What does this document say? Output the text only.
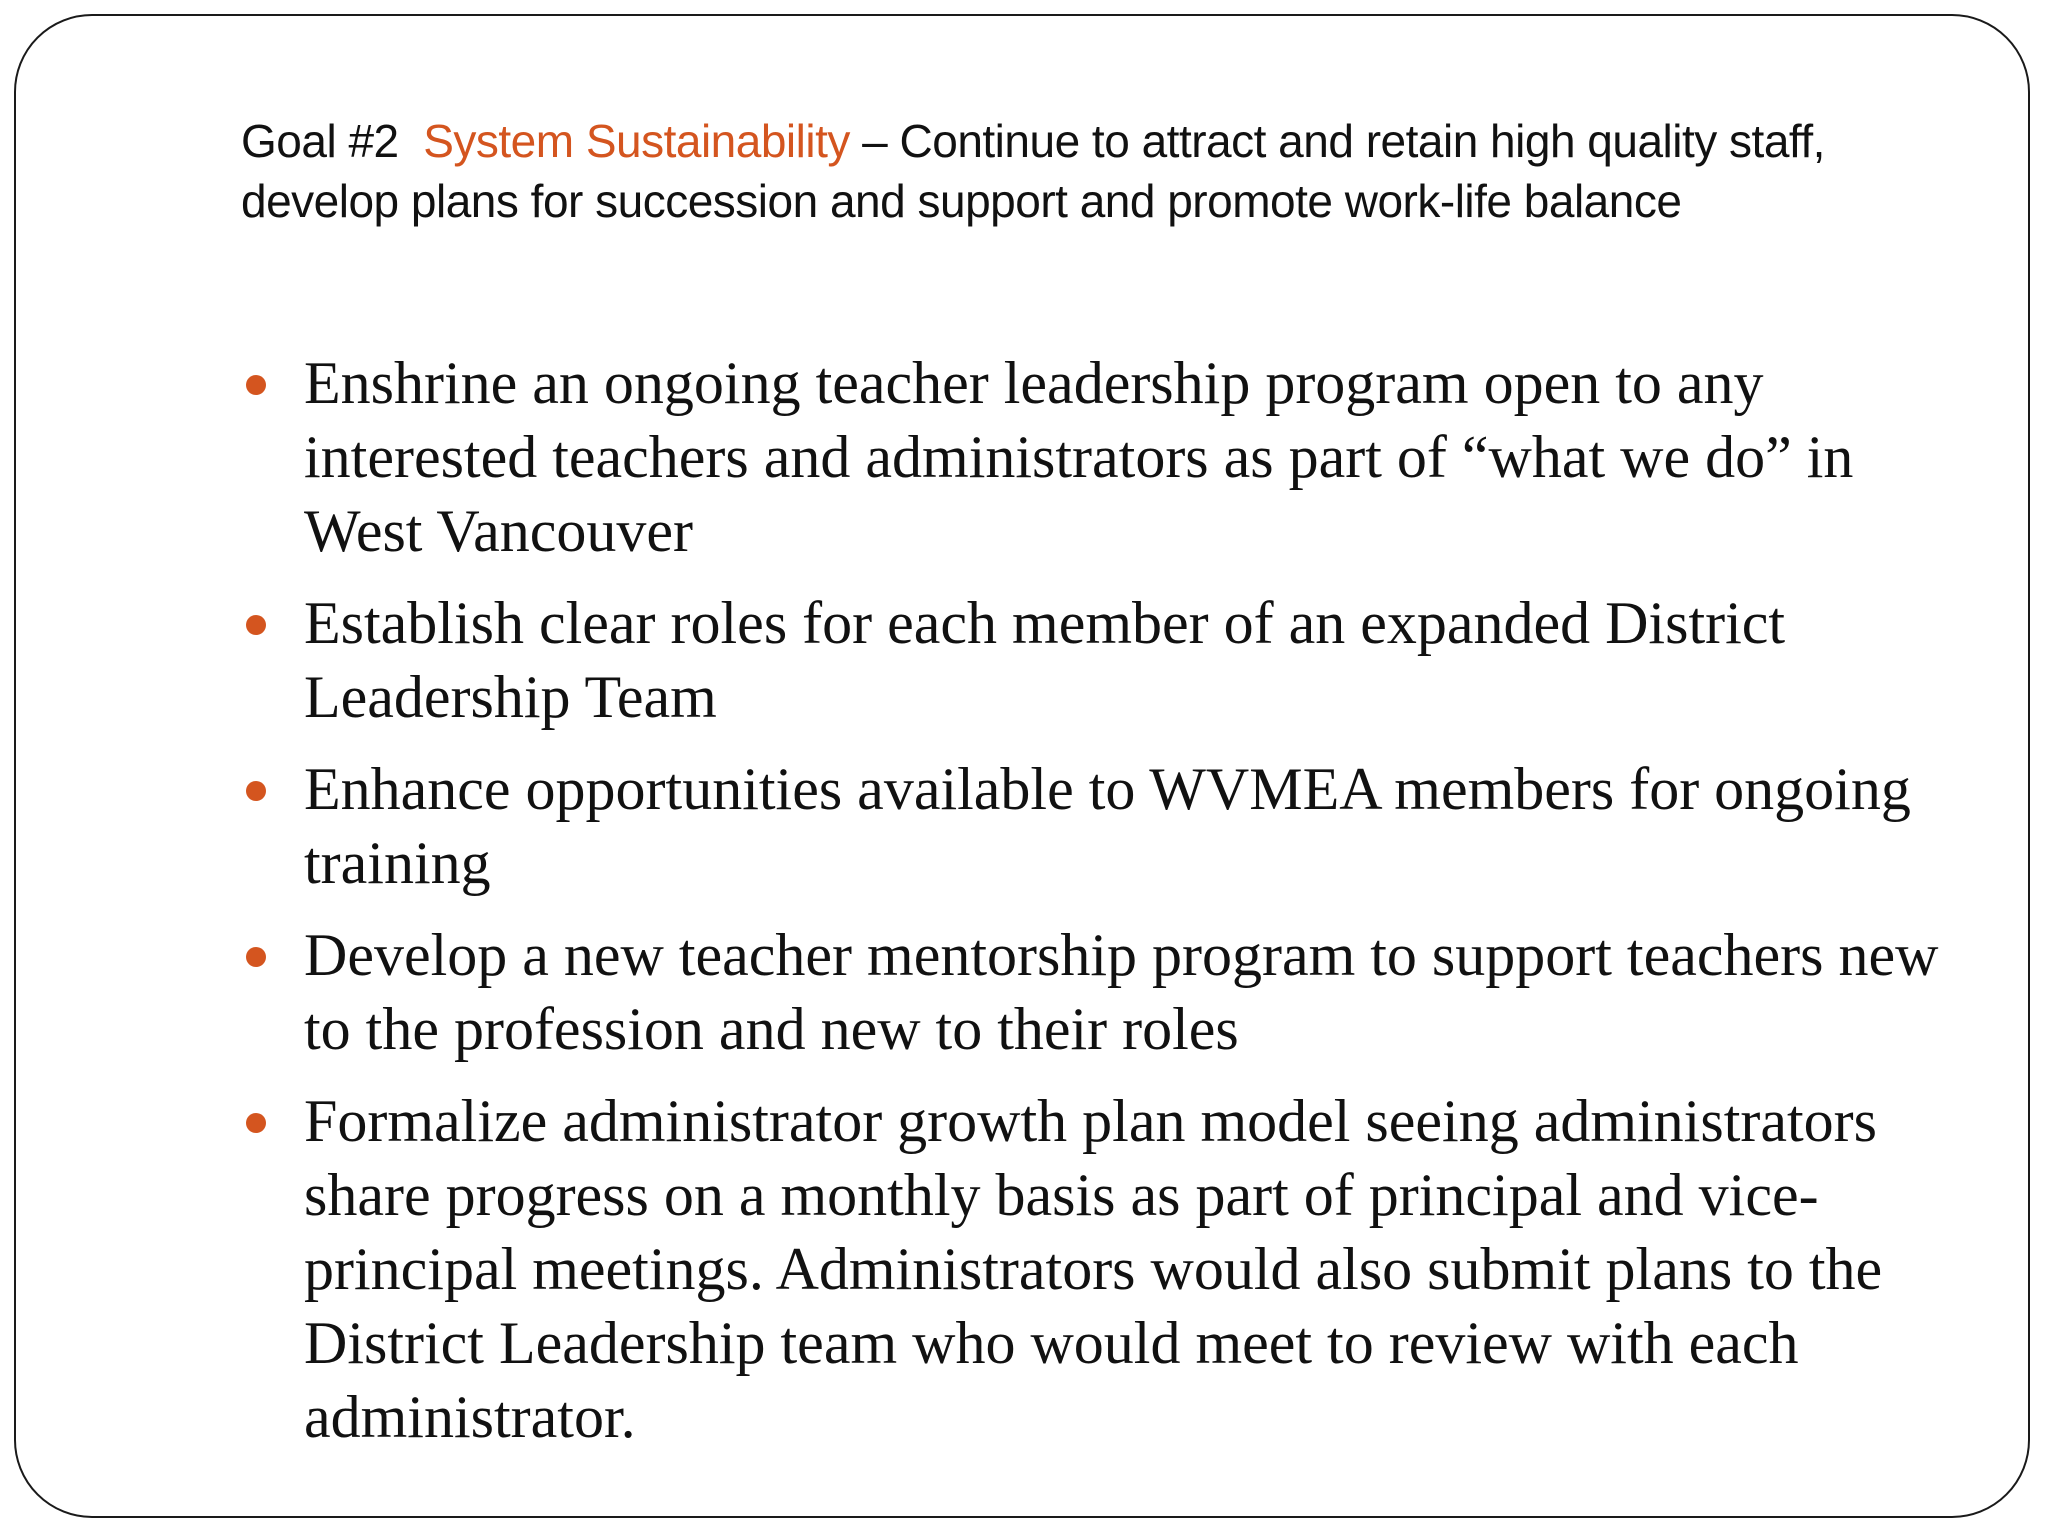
Goal #2 System Sustainability – Continue to attract and retain high quality staff, develop plans for succession and support and promote work-life balance
Enshrine an ongoing teacher leadership program open to any interested teachers and administrators as part of “what we do” in West Vancouver
Establish clear roles for each member of an expanded District Leadership Team
Enhance opportunities available to WVMEA members for ongoing training
Develop a new teacher mentorship program to support teachers new to the profession and new to their roles
Formalize administrator growth plan model seeing administrators share progress on a monthly basis as part of principal and vice-principal meetings. Administrators would also submit plans to the District Leadership team who would meet to review with each administrator.
